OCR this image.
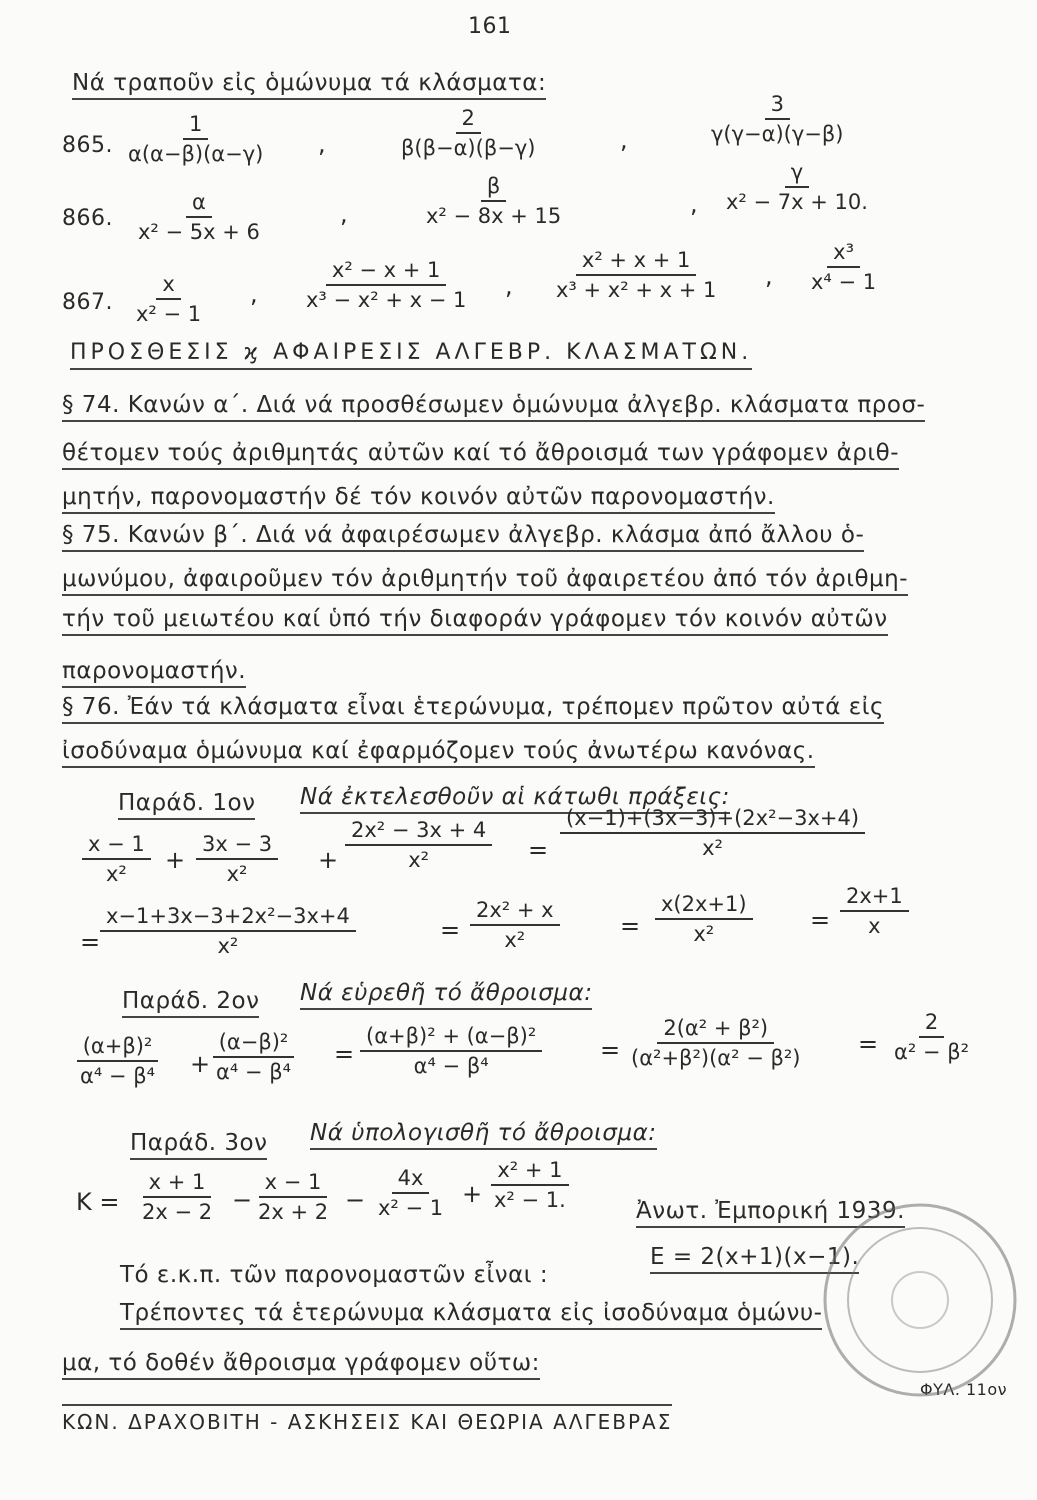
161
Νά τραποῦν εἰς ὁμώνυμα τά κλάσματα:
865. $\frac{1}{\alpha(\alpha-\beta)(\alpha-\gamma)}$ ,	$\frac{2}{\beta(\beta-\alpha)(\beta-\gamma)}$	,	$\frac{3}{\gamma(\gamma-\alpha)(\gamma-\beta)}$
866. $\frac{\alpha}{\text{x² − 5x + 6}}$	,	$\frac{\beta}{\text{x² − 8x + 15}}$	, $\frac{\gamma}{\text{x² − 7x + 10.}}$
867. $\frac{x}{\text{x² − 1}}$ , $\frac{\text{x² − x + 1}}{\text{x³ − x² + x − 1}}$ , $\frac{\text{x² + x + 1}}{\text{x³ + x² + x + 1}}$ , $\frac{\text{x³}}{\text{x⁴ − 1}}$
ΠΡΟΣΘΕΣΙΣ ϗ ΑΦΑΙΡΕΣΙΣ ΑΛΓΕΒΡ. ΚΛΑΣΜΑΤΩΝ.
§ 74. Κανών α΄. Διά νά προσθέσωμεν ὁμώνυμα ἀλγεβρ. κλάσματα προσ-
θέτομεν τούς ἀριθμητάς αὐτῶν καί τό ἄθροισμά των γράφομεν ἀριθ-
μητήν, παρονομαστήν δέ τόν κοινόν αὐτῶν παρονομαστήν.
§ 75. Κανών β΄. Διά νά ἀφαιρέσωμεν ἀλγεβρ. κλάσμα ἀπό ἄλλου ὁ-
μωνύμου, ἀφαιροῦμεν τόν ἀριθμητήν τοῦ ἀφαιρετέου ἀπό τόν ἀριθμη-
τήν τοῦ μειωτέου καί ὑπό τήν διαφοράν γράφομεν τόν κοινόν αὐτῶν
παρονομαστήν.
§ 76. Ἐάν τά κλάσματα εἶναι ἑτερώνυμα, τρέπομεν πρῶτον αὐτά εἰς
ἰσοδύναμα ὁμώνυμα καί ἐφαρμόζομεν τούς ἀνωτέρω κανόνας.
Παράδ. 1ον Νά ἐκτελεσθοῦν αἱ κάτωθι πράξεις:
$\frac{x - 1}{\text{x²}} + \frac{3x - 3}{\text{x²}} + \frac{\text{2x² − 3x + 4}}{\text{x²}} = \frac{\text{(x−1)+(3x−3)+(2x²−3x+4)}}{\text{x²}}$
= $\frac{\text{x−1+3x−3+2x²−3x+4}}{\text{x²}}$	= $\frac{\text{2x² + x}}{\text{x²}}$	= $\frac{x(2x+1)}{\text{x²}} = \frac{2x+1}{x}$
Παράδ. 2ον Νά εὑρεθῆ τό ἄθροισμα:
$\frac{\text{(α+β)²}}{\text{α⁴ − β⁴}} + \frac{\text{(α−β)²}}{\text{α⁴ − β⁴}} = \frac{\text{(α+β)² + (α−β)²}}{\text{α⁴ − β⁴}} = \frac{\text{2(α² + β²)}}{\text{(α²+β²)(α² − β²)}} = \frac{2}{\text{α² − β²}}$
Παράδ. 3ον Νά ὑπολογισθῆ τό ἄθροισμα:
$K = \frac{x + 1}{2x - 2} - \frac{x - 1}{2x + 2} - \frac{4x}{\text{x² − 1}} + \frac{\text{x² + 1}}{\text{x² − 1.}}$	Ἀνωτ. Ἐμπορική 1939.
Τό ε.κ.π. τῶν παρονομαστῶν εἶναι :
E = 2(x+1)(x−1).
Τρέποντες τά ἑτερώνυμα κλάσματα εἰς ἰσοδύναμα ὁμώνυ-
μα, τό δοθέν ἄθροισμα γράφομεν οὕτω:
ΚΩΝ. ΔΡΑΧΟΒΙΤΗ - ΑΣΚΗΣΕΙΣ ΚΑΙ ΘΕΩΡΙΑ ΑΛΓΕΒΡΑΣ
ΦΥΛ. 11ον
